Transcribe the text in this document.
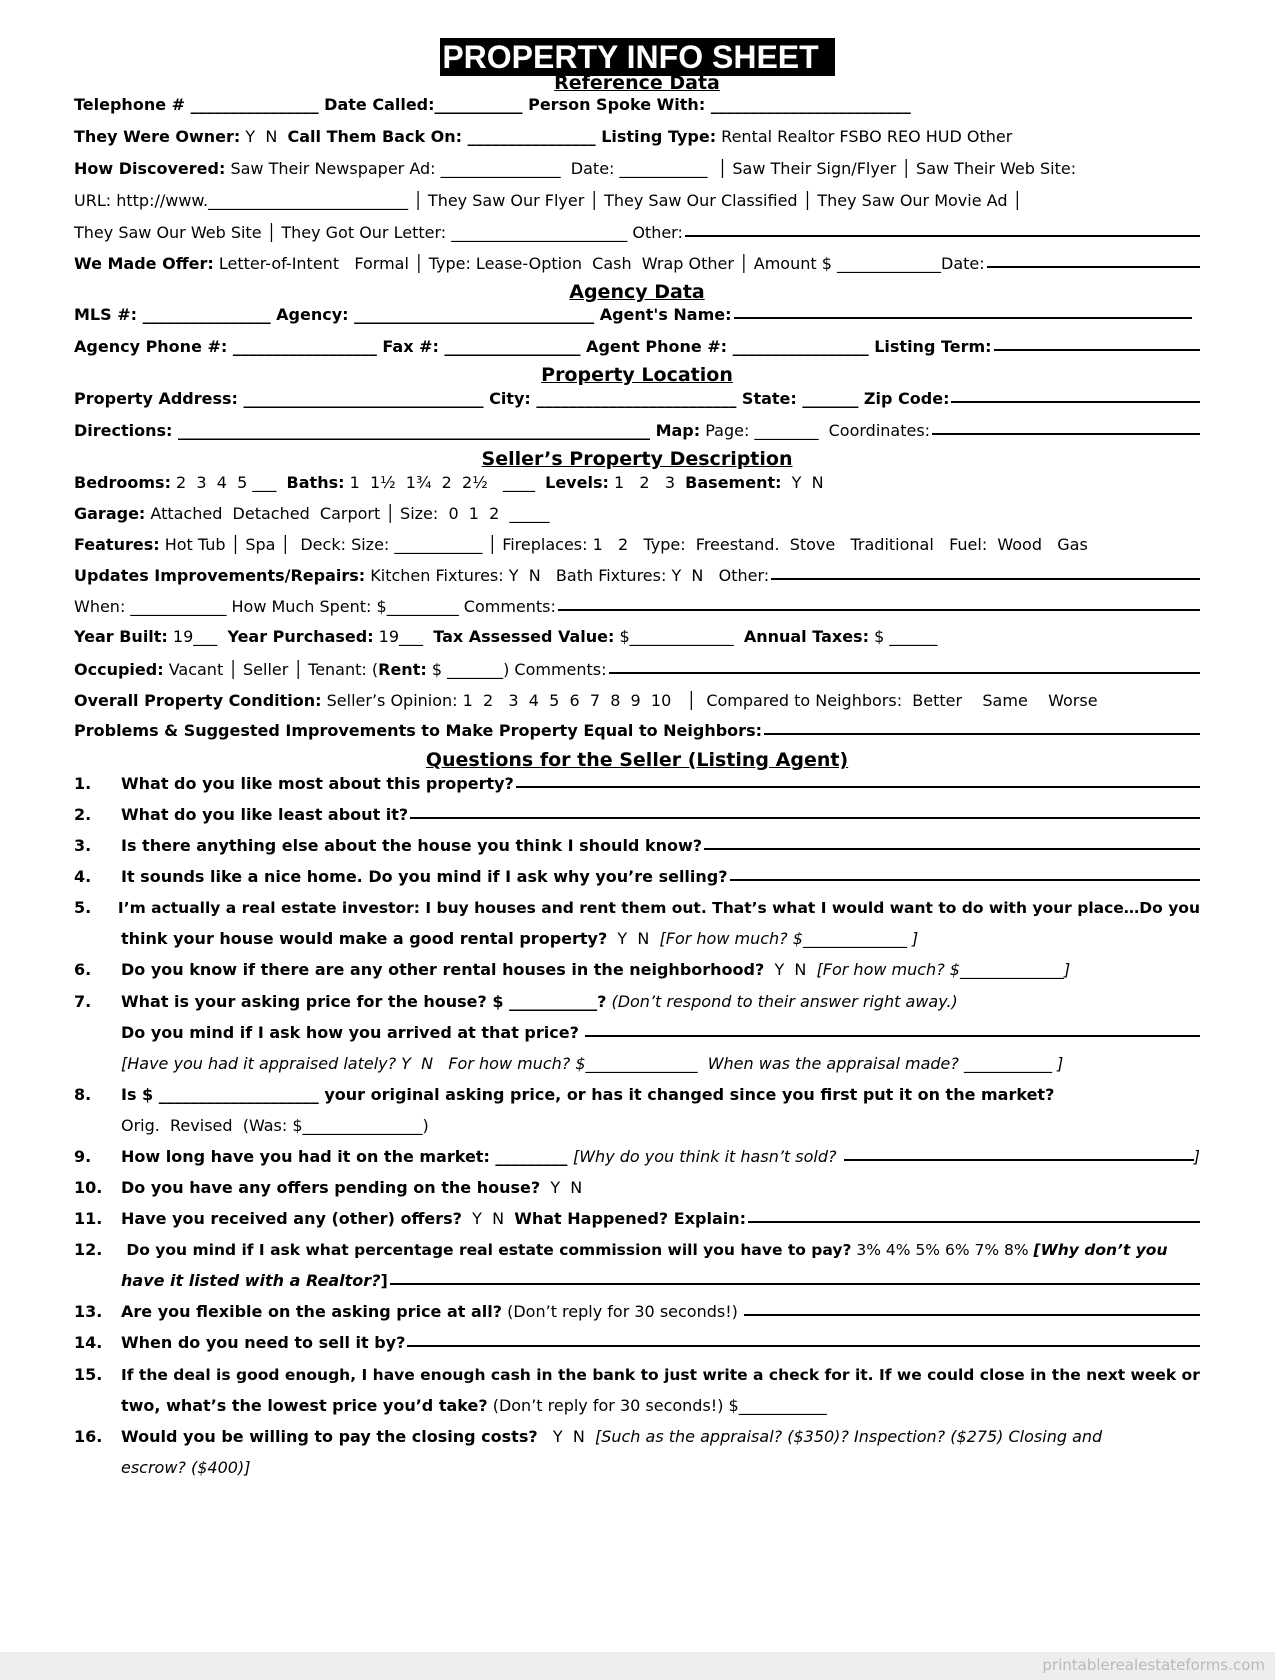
PROPERTY INFO SHEET
Reference Data
Telephone # ________________ Date Called:___________ Person Spoke With: _________________________
They Were Owner: Y  N Call Them Back On: ________________ Listing Type: Rental Realtor FSBO REO HUD Other
How Discovered: Saw Their Newspaper Ad: _______________  Date: ___________  │ Saw Their Sign/Flyer │ Saw Their Web Site:
URL: http://www._________________________ │ They Saw Our Flyer │ They Saw Our Classified │ They Saw Our Movie Ad │
They Saw Our Web Site │ They Got Our Letter: ______________________ Other:
We Made Offer: Letter-of-Intent   Formal │ Type: Lease-Option  Cash  Wrap Other │ Amount $ _____________Date:
Agency Data
MLS #: ________________ Agency: ______________________________ Agent's Name:
Agency Phone #: __________________ Fax #: _________________ Agent Phone #: _________________ Listing Term:
Property Location
Property Address: ______________________________ City: _________________________ State: _______ Zip Code:
Directions: ___________________________________________________________ Map: Page: ________  Coordinates:
Seller’s Property Description
Bedrooms: 2  3  4  5 ___ Baths: 1  1½  1¾  2  2½   ____ Levels: 1   2   3 Basement: Y  N
Garage: Attached  Detached  Carport │ Size:  0  1  2  _____
Features: Hot Tub │ Spa │  Deck: Size: ___________ │ Fireplaces: 1   2   Type:  Freestand.  Stove   Traditional   Fuel:  Wood   Gas
Updates Improvements/Repairs: Kitchen Fixtures: Y  N   Bath Fixtures: Y  N   Other:
When: ____________ How Much Spent: $_________ Comments:
Year Built: 19___ Year Purchased: 19___ Tax Assessed Value: $_____________ Annual Taxes: $ ______
Occupied: Vacant │ Seller │ Tenant: ( Rent: $ _______) Comments:
Overall Property Condition: Seller’s Opinion: 1  2   3  4  5  6  7  8  9  10   │  Compared to Neighbors:  Better    Same    Worse
Problems & Suggested Improvements to Make Property Equal to Neighbors:
Questions for the Seller (Listing Agent)
1.	What do you like most about this property?
2.	What do you like least about it?
3.	Is there anything else about the house you think I should know?
4.	It sounds like a nice home. Do you mind if I ask why you’re selling?
5.	I’m actually a real estate investor: I buy houses and rent them out. That’s what I would want to do with your place…Do you
think your house would make a good rental property? Y  N [For how much? $_____________ ]
6.	Do you know if there are any other rental houses in the neighborhood? Y  N [For how much? $_____________]
7.	What is your asking price for the house? $ ___________? (Don’t respond to their answer right away.)
Do you mind if I ask how you arrived at that price?
[Have you had it appraised lately? Y  N   For how much? $______________  When was the appraisal made? ___________ ]
8.	Is $ ____________________ your original asking price, or has it changed since you first put it on the market?
Orig.  Revised  (Was: $_______________)
9.	How long have you had it on the market: _________ [Why do you think it hasn’t sold?	]
10.	Do you have any offers pending on the house? Y  N
11.	Have you received any (other) offers? Y  N What Happened? Explain:
12.	Do you mind if I ask what percentage real estate commission will you have to pay? 3% 4% 5% 6% 7% 8% [Why don’t you
have it listed with a Realtor? ]
13.	Are you flexible on the asking price at all? (Don’t reply for 30 seconds!)
14.	When do you need to sell it by?
15.	If the deal is good enough, I have enough cash in the bank to just write a check for it. If we could close in the next week or
two, what’s the lowest price you’d take? (Don’t reply for 30 seconds!) $___________
16.	Would you be willing to pay the closing costs? Y  N [Such as the appraisal? ($350)? Inspection? ($275) Closing and
escrow? ($400)]
printablerealestateforms.com
